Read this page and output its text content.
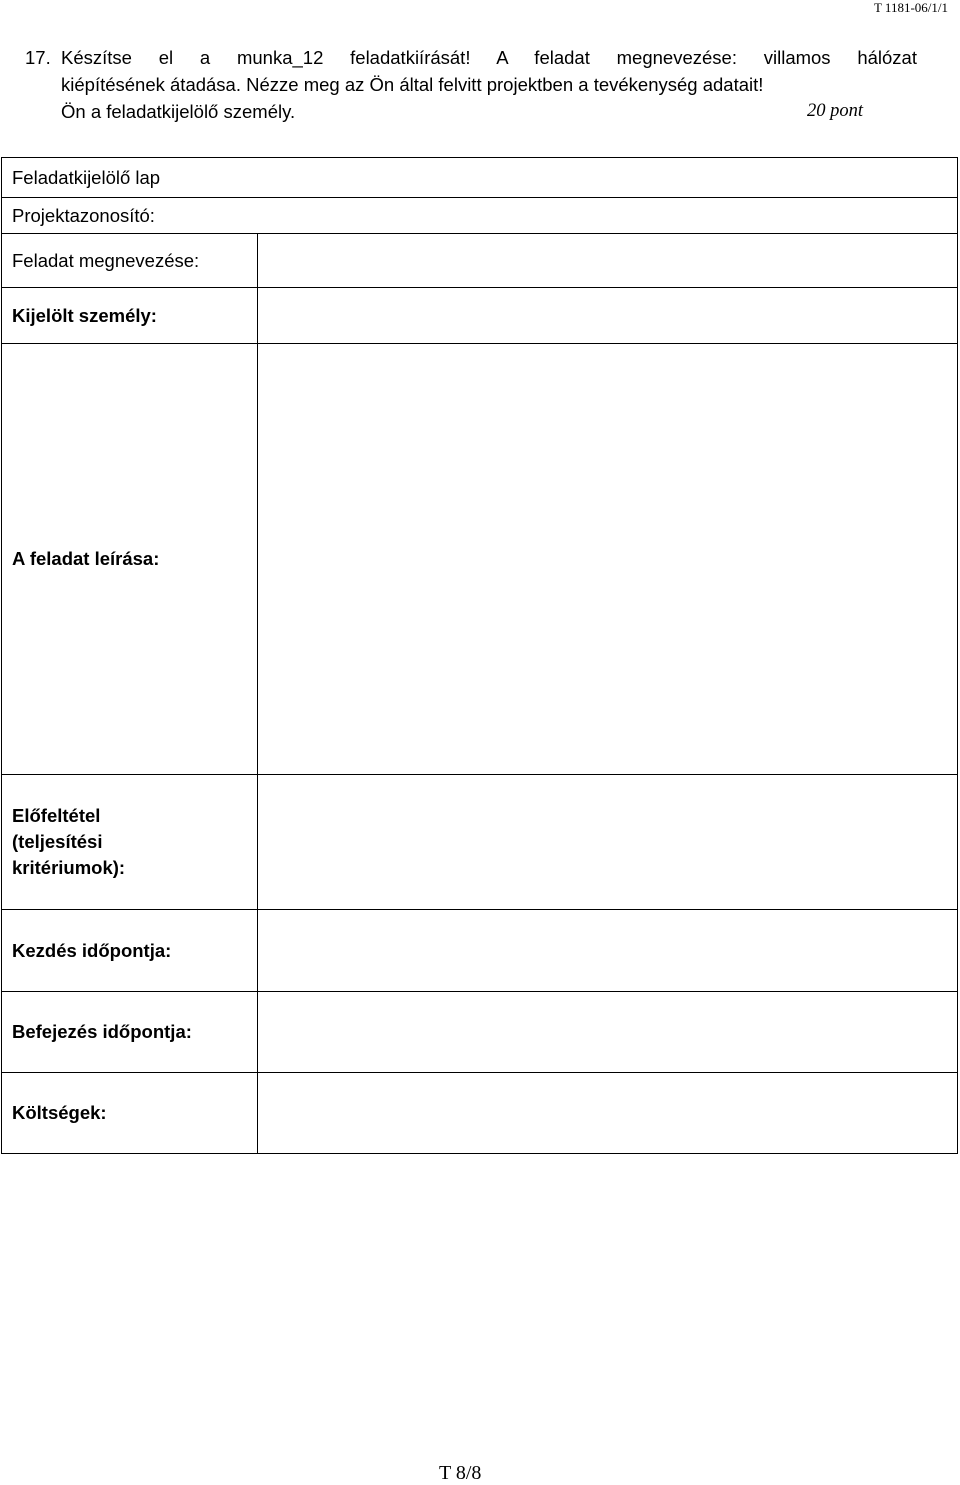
T 1181-06/1/1
17. Készítse el a munka_12 feladatkiírását! A feladat megnevezése: villamos hálózat
kiépítésének átadása. Nézze meg az Ön által felvitt projektben a tevékenység adatait!
Ön a feladatkijelölő személy.	20 pont
Feladatkijelölő lap	
Projektazonosító:	
Feladat megnevezése:	
Kijelölt személy:	
A feladat leírása:	

Előfeltétel
(teljesítési
kritériumok):	

Kezdés időpontja:	
Befejezés időpontja:	
Költségek:	
T 8/8
